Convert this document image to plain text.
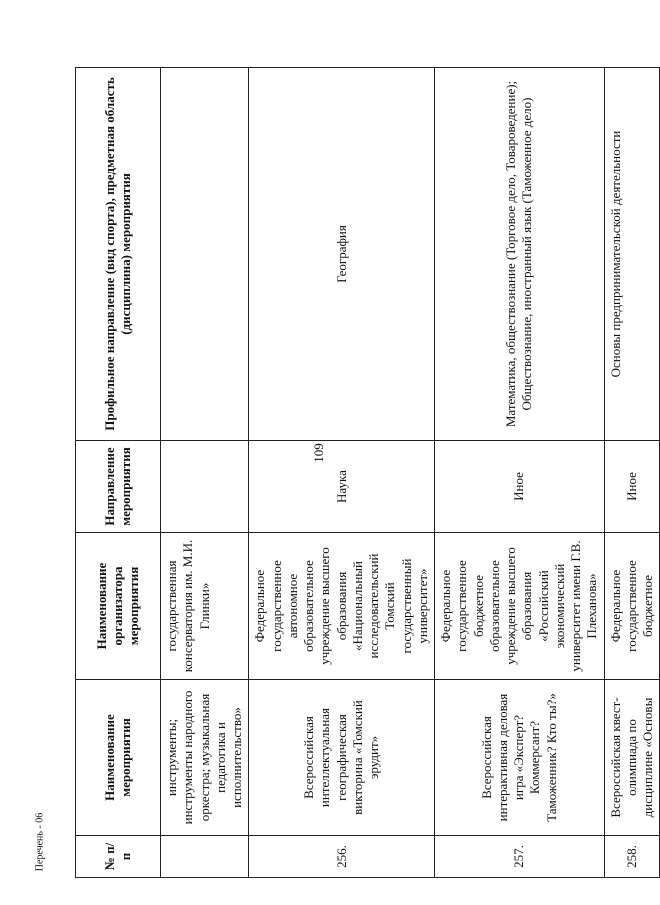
109
№ п/п	Наименование мероприятия	Наименование организатора мероприятия	Направление мероприятия	Профильное направление (вид спорта), предметная область (дисциплина) мероприятия
	инструменты; инструменты народного оркестра; музыкальная педагогика и исполнительство»	государственная консерватория им. М.И. Глинки»		
256.	Всероссийская интеллектуальная географическая викторина «Томский эрудит»	Федеральное государственное автономное образовательное учреждение высшего образования «Национальный исследовательский Томский государственный университет»	Наука	География
257.	Всероссийская интерактивная деловая игра «Эксперт? Коммерсант? Таможенник? Кто ты?»	Федеральное государственное бюджетное образовательное учреждение высшего образования «Российский экономический университет имени Г.В. Плеханова»	Иное	Математика, обществознание (Торговое дело, Товароведение); Обществознание, иностранный язык (Таможенное дело)
258.	Всероссийская квест-олимпиада по дисциплине «Основы	Федеральное государственное бюджетное	Иное	Основы предпринимательской деятельности
Перечень - 06
